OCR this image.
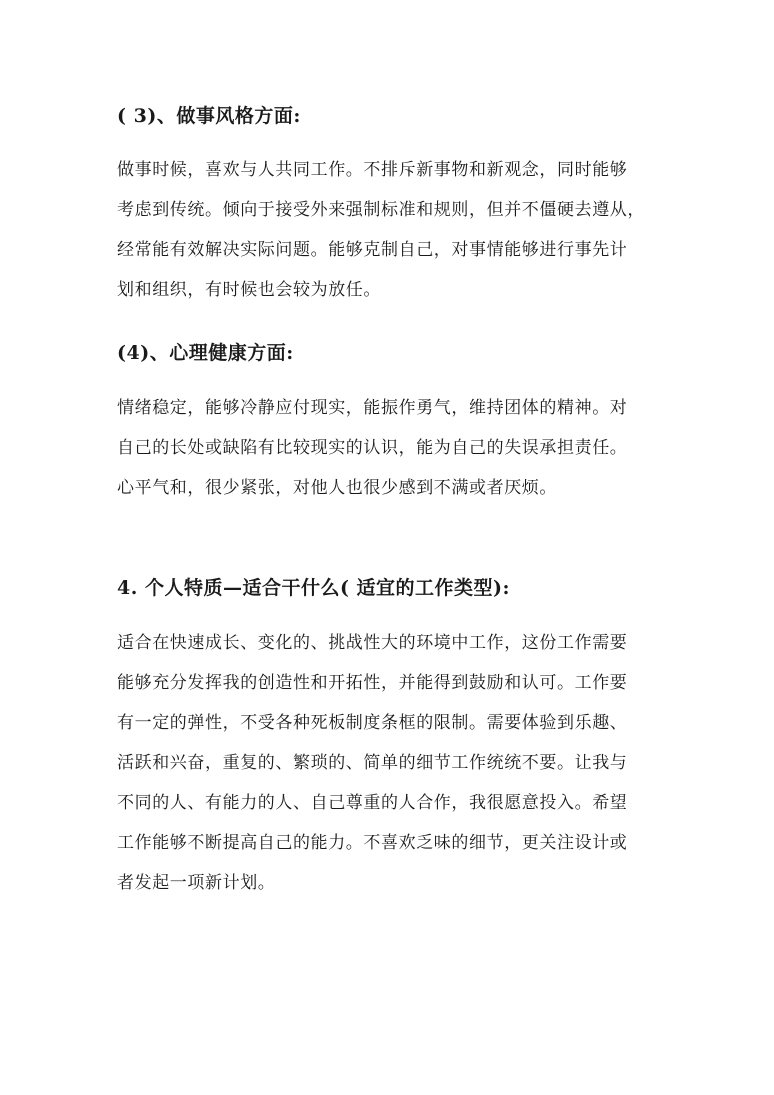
( 3)、做事风格方面:
做事时候，喜欢与人共同工作。不排斥新事物和新观念，同时能够
考虑到传统。倾向于接受外来强制标准和规则，但并不僵硬去遵从，
经常能有效解决实际问题。能够克制自己，对事情能够进行事先计
划和组织，有时候也会较为放任。
(4)、心理健康方面:
情绪稳定，能够冷静应付现实，能振作勇气，维持团体的精神。对
自己的长处或缺陷有比较现实的认识，能为自己的失误承担责任。
心平气和，很少紧张，对他人也很少感到不满或者厌烦。
4. 个人特质—适合干什么( 适宜的工作类型):
适合在快速成长、变化的、挑战性大的环境中工作，这份工作需要
能够充分发挥我的创造性和开拓性，并能得到鼓励和认可。工作要
有一定的弹性，不受各种死板制度条框的限制。需要体验到乐趣、
活跃和兴奋，重复的、繁琐的、简单的细节工作统统不要。让我与
不同的人、有能力的人、自己尊重的人合作，我很愿意投入。希望
工作能够不断提高自己的能力。不喜欢乏味的细节，更关注设计或
者发起一项新计划。
